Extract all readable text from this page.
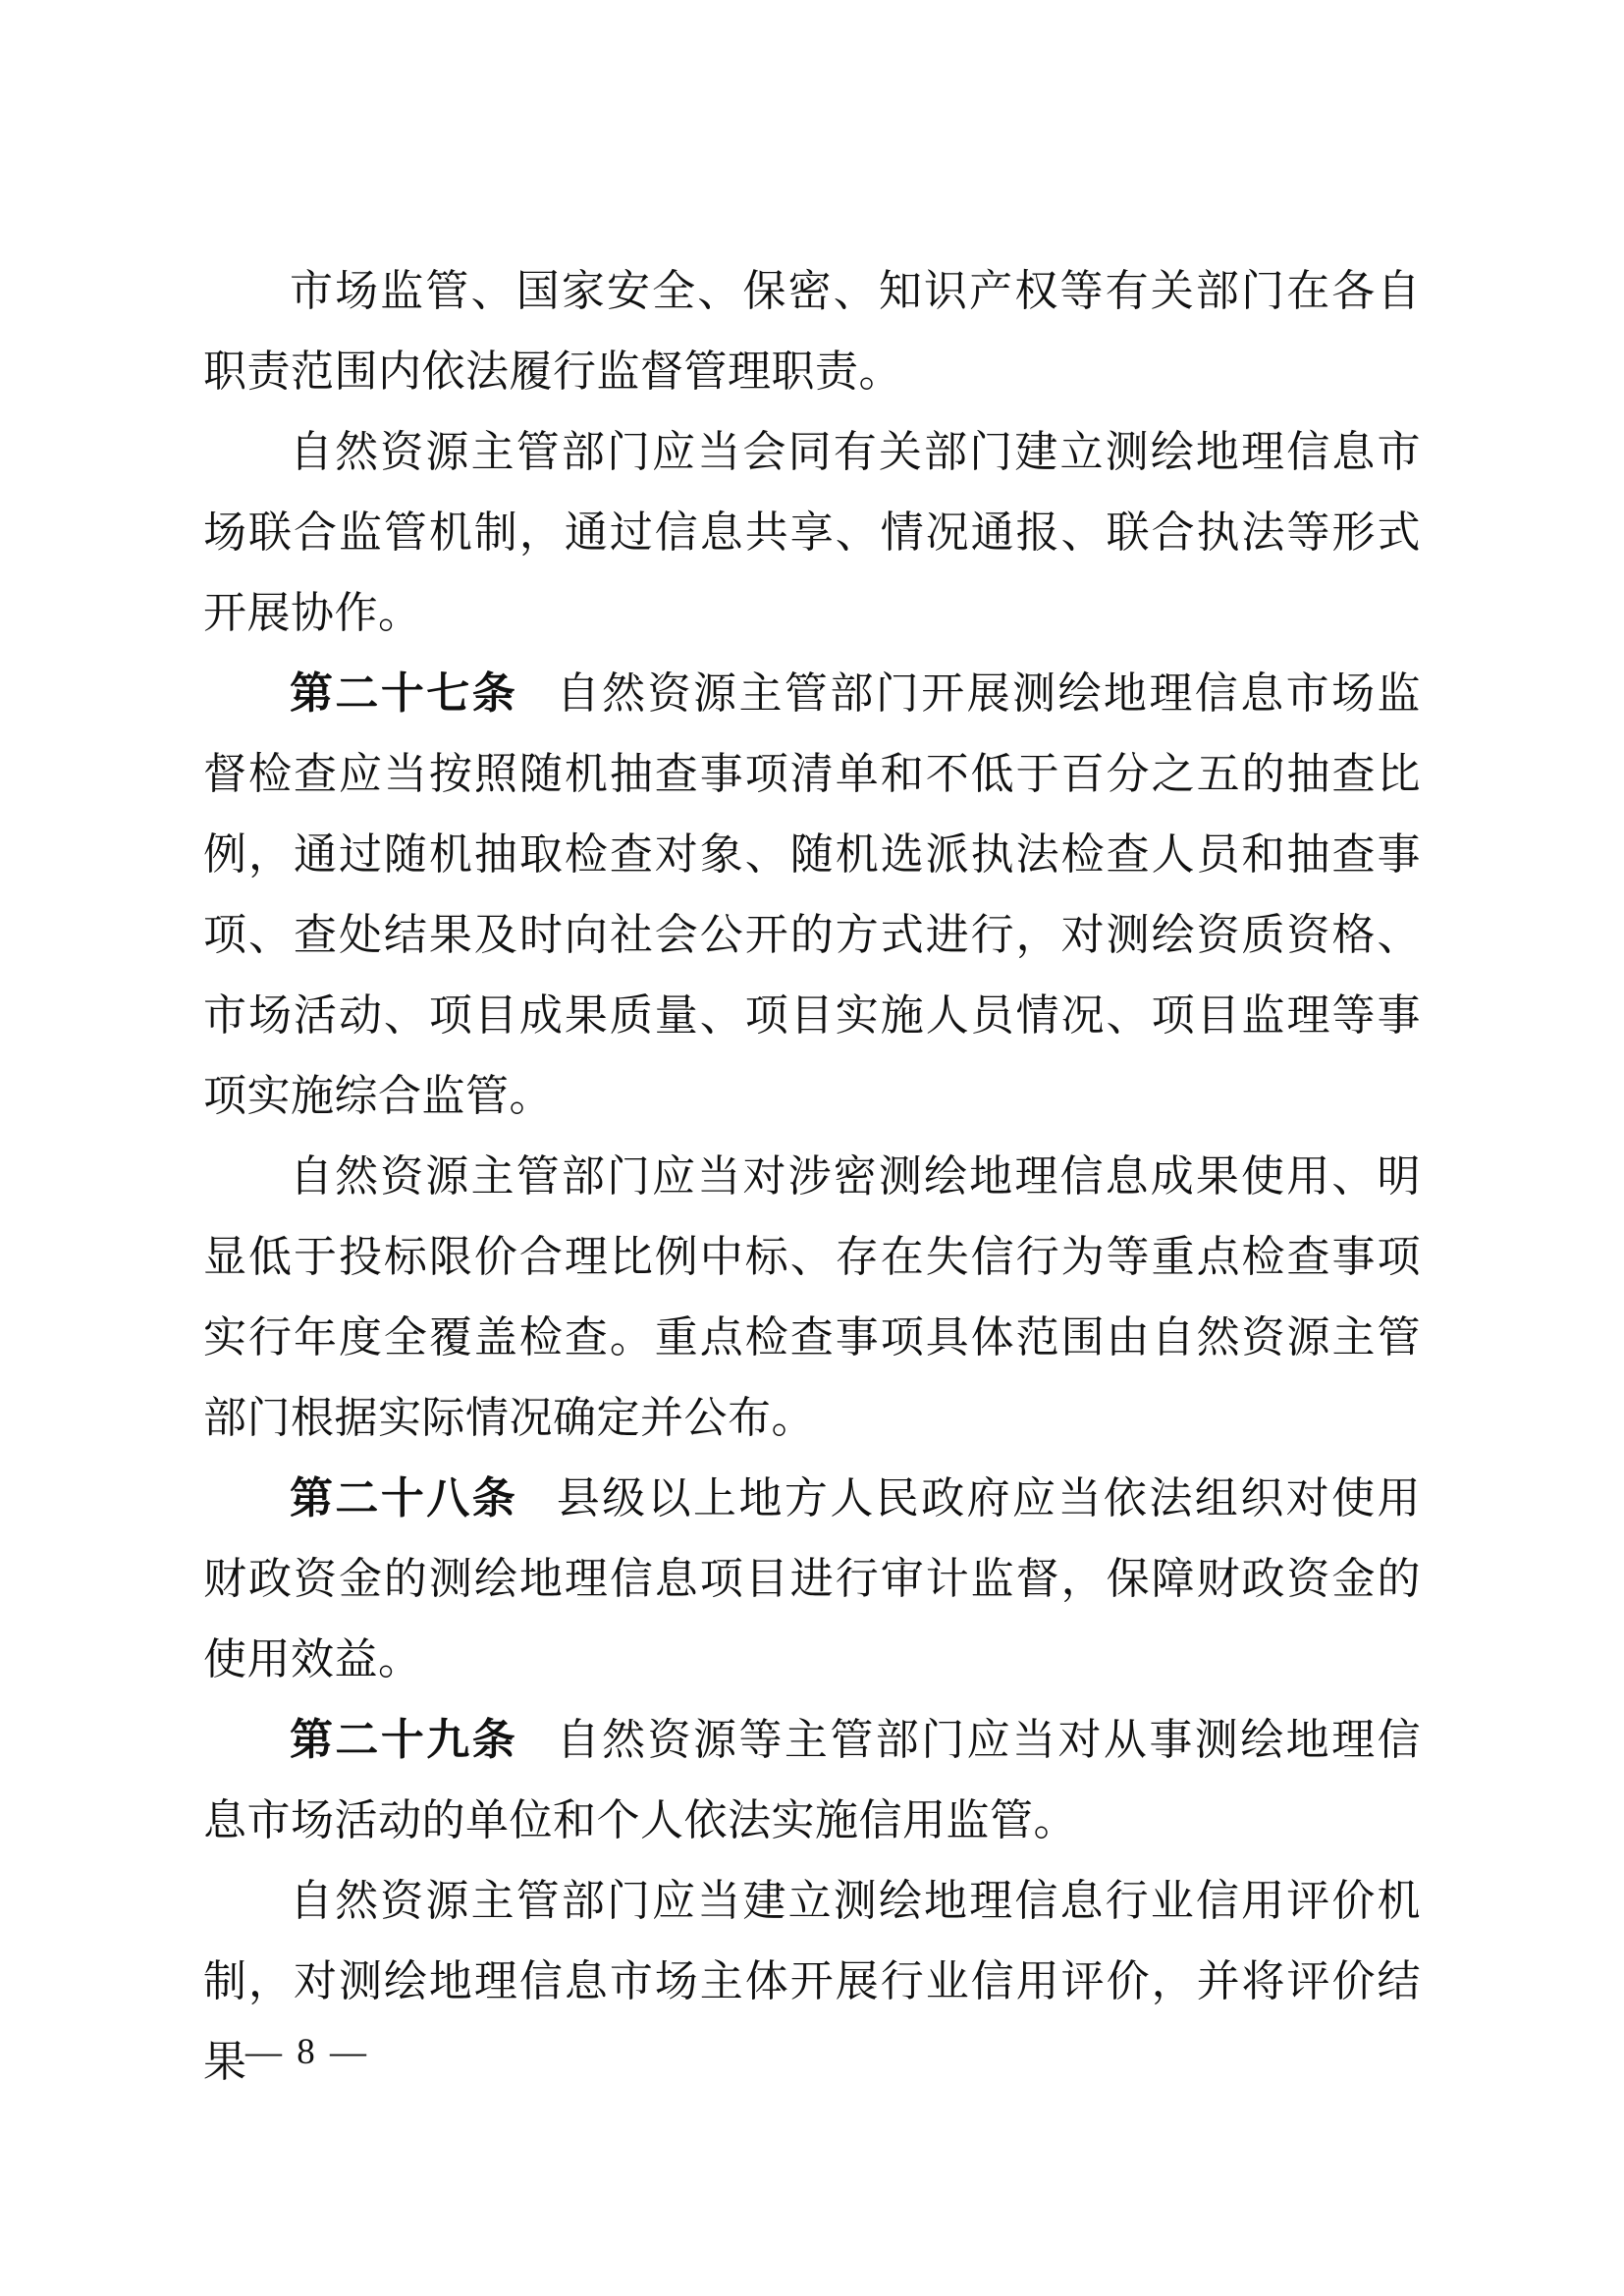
市场监管、国家安全、保密、知识产权等有关部门在各自职责范围内依法履行监督管理职责。

自然资源主管部门应当会同有关部门建立测绘地理信息市场联合监管机制，通过信息共享、情况通报、联合执法等形式开展协作。

第二十七条 自然资源主管部门开展测绘地理信息市场监督检查应当按照随机抽查事项清单和不低于百分之五的抽查比例，通过随机抽取检查对象、随机选派执法检查人员和抽查事项、查处结果及时向社会公开的方式进行，对测绘资质资格、市场活动、项目成果质量、项目实施人员情况、项目监理等事项实施综合监管。

自然资源主管部门应当对涉密测绘地理信息成果使用、明显低于投标限价合理比例中标、存在失信行为等重点检查事项实行年度全覆盖检查。重点检查事项具体范围由自然资源主管部门根据实际情况确定并公布。

第二十八条 县级以上地方人民政府应当依法组织对使用财政资金的测绘地理信息项目进行审计监督，保障财政资金的使用效益。

第二十九条 自然资源等主管部门应当对从事测绘地理信息市场活动的单位和个人依法实施信用监管。

自然资源主管部门应当建立测绘地理信息行业信用评价机制，对测绘地理信息市场主体开展行业信用评价，并将评价结果

— 8 —
